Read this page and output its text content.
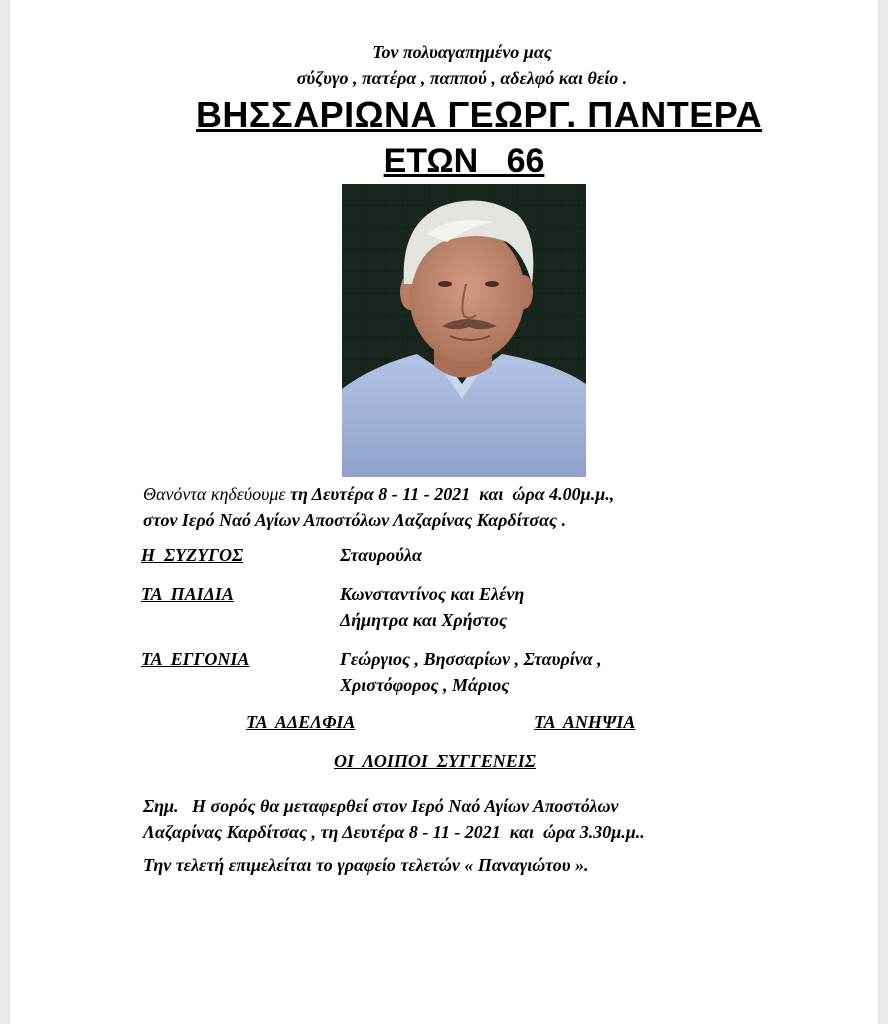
Τον πολυαγαπημένο μας
σύζυγο , πατέρα , παππού , αδελφό και θείο .
ΒΗΣΣΑΡΙΩΝΑ ΓΕΩΡΓ. ΠΑΝΤΕΡΑ
ΕΤΩΝ   66
Θανόντα κηδεύουμε τη Δευτέρα 8 - 11 - 2021  και  ώρα 4.00μ.μ.,
στον Ιερό Ναό Αγίων Αποστόλων Λαζαρίνας Καρδίτσας .
Η  ΣΥΖΥΓΟΣ	Σταυρούλα
ΤΑ  ΠΑΙΔΙΑ	Κωνσταντίνος και Ελένη
Δήμητρα και Χρήστος
ΤΑ  ΕΓΓΟΝΙΑ	Γεώργιος , Βησσαρίων , Σταυρίνα ,
Χριστόφορος , Μάριος
ΤΑ  ΑΔΕΛΦΙΑ	ΤΑ  ΑΝΗΨΙΑ
ΟΙ  ΛΟΙΠΟΙ  ΣΥΓΓΕΝΕΙΣ
Σημ.   Η σορός θα μεταφερθεί στον Ιερό Ναό Αγίων Αποστόλων
Λαζαρίνας Καρδίτσας , τη Δευτέρα 8 - 11 - 2021  και  ώρα 3.30μ.μ..
Την τελετή επιμελείται το γραφείο τελετών « Παναγιώτου ».
